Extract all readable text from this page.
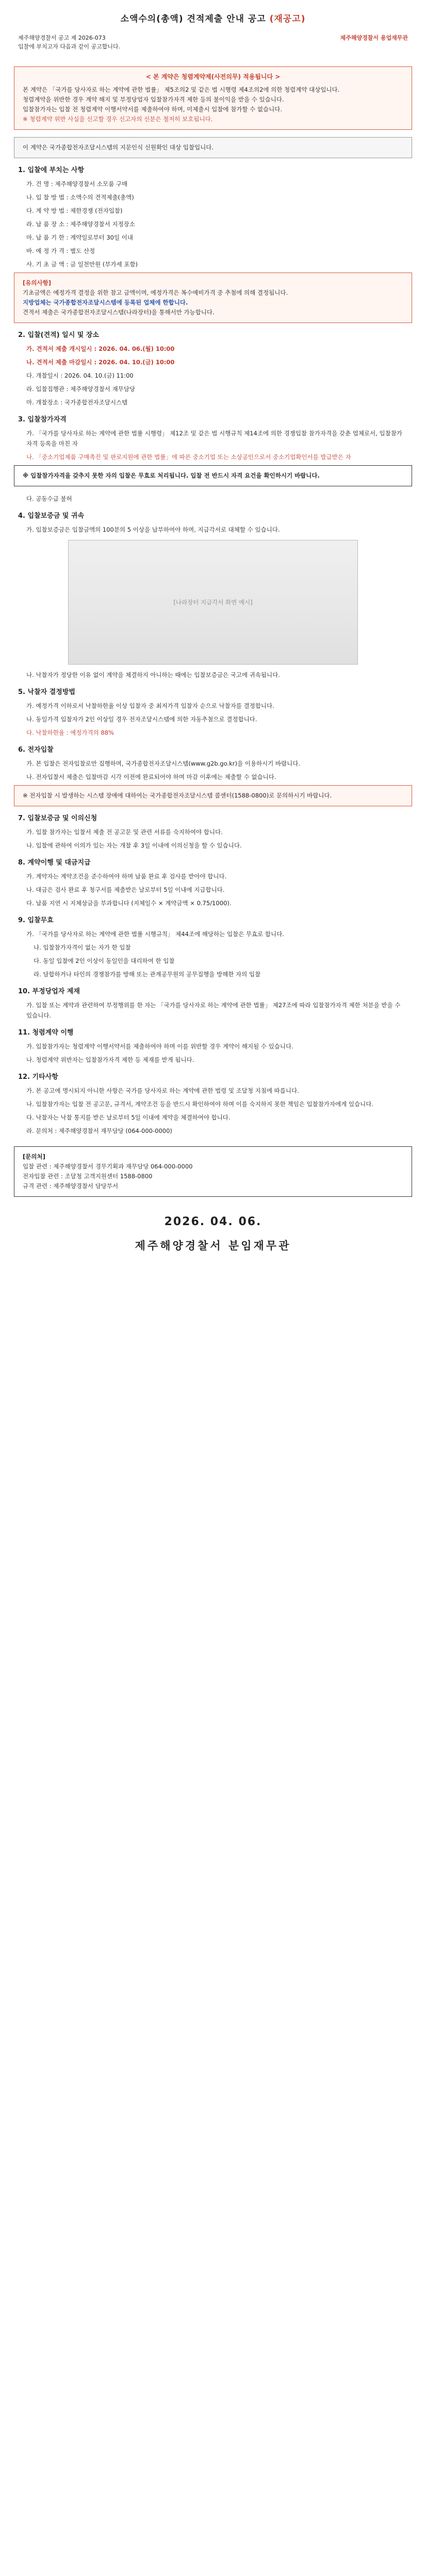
소액수의(총액) 견적제출 안내 공고 (재공고)
제주해양경찰서 공고 제 2026-073
입찰에 부치고자 다음과 같이 공고합니다.
제주해양경찰서 용업재무관
< 본 계약은 청렴계약제(사전의무) 적용됩니다 >
본 계약은 「국가를 당사자로 하는 계약에 관한 법률」 제5조의2 및 같은 법 시행령 제4조의2에 의한 청렴계약 대상입니다.
청렴계약을 위반한 경우 계약 해지 및 부정당업자 입찰참가자격 제한 등의 불이익을 받을 수 있습니다.
입찰참가자는 입찰 전 청렴계약 이행서약서를 제출하여야 하며, 미제출시 입찰에 참가할 수 없습니다.
※ 청렴계약 위반 사실을 신고할 경우 신고자의 신분은 철저히 보호됩니다.
이 계약은 국가종합전자조달시스템의 지문인식 신원확인 대상 입찰입니다.
1. 입찰에 부치는 사항

가. 건 명 : 제주해양경찰서 소모품 구매

나. 입 찰 방 법 : 소액수의 견적제출(총액)

다. 계 약 방 법 : 제한경쟁 (전자입찰)

라. 납 품 장 소 : 제주해양경찰서 지정장소

마. 납 품 기 한 : 계약일로부터 30일 이내

바. 예 정 가 격 : 별도 산정

사. 기 초 금 액 : 금 일천만원 (부가세 포함)

[유의사항]
기초금액은 예정가격 결정을 위한 참고 금액이며, 예정가격은 복수예비가격 중 추첨에 의해 결정됩니다.
지방업체는 국가종합전자조달시스템에 등록된 업체에 한합니다.
견적서 제출은 국가종합전자조달시스템(나라장터)을 통해서만 가능합니다.
2. 입찰(견적) 일시 및 장소

가. 견적서 제출 개시일시 : 2026. 04. 06.(월) 10:00

나. 견적서 제출 마감일시 : 2026. 04. 10.(금) 10:00

다. 개찰일시 : 2026. 04. 10.(금) 11:00

라. 입찰집행관 : 제주해양경찰서 재무담당

마. 개찰장소 : 국가종합전자조달시스템

3. 입찰참가자격

가. 「국가를 당사자로 하는 계약에 관한 법률 시행령」 제12조 및 같은 법 시행규칙 제14조에 의한 경쟁입찰 참가자격을 갖춘 업체로서, 입찰참가자격 등록을 마친 자

나. 「중소기업제품 구매촉진 및 판로지원에 관한 법률」에 따른 중소기업 또는 소상공인으로서 중소기업확인서를 발급받은 자

※ 입찰참가자격을 갖추지 못한 자의 입찰은 무효로 처리됩니다. 입찰 전 반드시 자격 요건을 확인하시기 바랍니다.

다. 공동수급 불허

4. 입찰보증금 및 귀속

가. 입찰보증금은 입찰금액의 100분의 5 이상을 납부하여야 하며, 지급각서로 대체할 수 있습니다.

[나라장터 지급각서 화면 예시]

나. 낙찰자가 정당한 이유 없이 계약을 체결하지 아니하는 때에는 입찰보증금은 국고에 귀속됩니다.

5. 낙찰자 결정방법

가. 예정가격 이하로서 낙찰하한율 이상 입찰자 중 최저가격 입찰자 순으로 낙찰자를 결정합니다.

나. 동일가격 입찰자가 2인 이상일 경우 전자조달시스템에 의한 자동추첨으로 결정합니다.

다. 낙찰하한율 : 예정가격의 88%

6. 전자입찰

가. 본 입찰은 전자입찰로만 집행하며, 국가종합전자조달시스템(www.g2b.go.kr)을 이용하시기 바랍니다.

나. 전자입찰서 제출은 입찰마감 시각 이전에 완료되어야 하며 마감 이후에는 제출할 수 없습니다.

※ 전자입찰 시 발생하는 시스템 장애에 대하여는 국가종합전자조달시스템 콜센터(1588-0800)로 문의하시기 바랍니다.
7. 입찰보증금 및 이의신청

가. 입찰 참가자는 입찰서 제출 전 공고문 및 관련 서류를 숙지하여야 합니다.

나. 입찰에 관하여 이의가 있는 자는 개찰 후 3일 이내에 이의신청을 할 수 있습니다.

8. 계약이행 및 대금지급

가. 계약자는 계약조건을 준수하여야 하며 납품 완료 후 검사를 받아야 합니다.

나. 대금은 검사 완료 후 청구서를 제출받은 날로부터 5일 이내에 지급합니다.

다. 납품 지연 시 지체상금을 부과합니다 (지체일수 × 계약금액 × 0.75/1000).

9. 입찰무효

가. 「국가를 당사자로 하는 계약에 관한 법률 시행규칙」 제44조에 해당하는 입찰은 무효로 합니다.

나. 입찰참가자격이 없는 자가 한 입찰

다. 동일 입찰에 2인 이상이 동일인을 대리하여 한 입찰

라. 담합하거나 타인의 경쟁참가를 방해 또는 관계공무원의 공무집행을 방해한 자의 입찰

10. 부정당업자 제재

가. 입찰 또는 계약과 관련하여 부정행위를 한 자는 「국가를 당사자로 하는 계약에 관한 법률」 제27조에 따라 입찰참가자격 제한 처분을 받을 수 있습니다.

11. 청렴계약 이행

가. 입찰참가자는 청렴계약 이행서약서를 제출하여야 하며 이를 위반할 경우 계약이 해지될 수 있습니다.

나. 청렴계약 위반자는 입찰참가자격 제한 등 제재를 받게 됩니다.

12. 기타사항

가. 본 공고에 명시되지 아니한 사항은 국가를 당사자로 하는 계약에 관한 법령 및 조달청 지침에 따릅니다.

나. 입찰참가자는 입찰 전 공고문, 규격서, 계약조건 등을 반드시 확인하여야 하며 이를 숙지하지 못한 책임은 입찰참가자에게 있습니다.

다. 낙찰자는 낙찰 통지를 받은 날로부터 5일 이내에 계약을 체결하여야 합니다.

라. 문의처 : 제주해양경찰서 재무담당 (064-000-0000)

[문의처]
입찰 관련 : 제주해양경찰서 경무기획과 재무담당 064-000-0000
전자입찰 관련 : 조달청 고객지원센터 1588-0800
규격 관련 : 제주해양경찰서 담당부서
2026. 04. 06.
제주해양경찰서 분임재무관
